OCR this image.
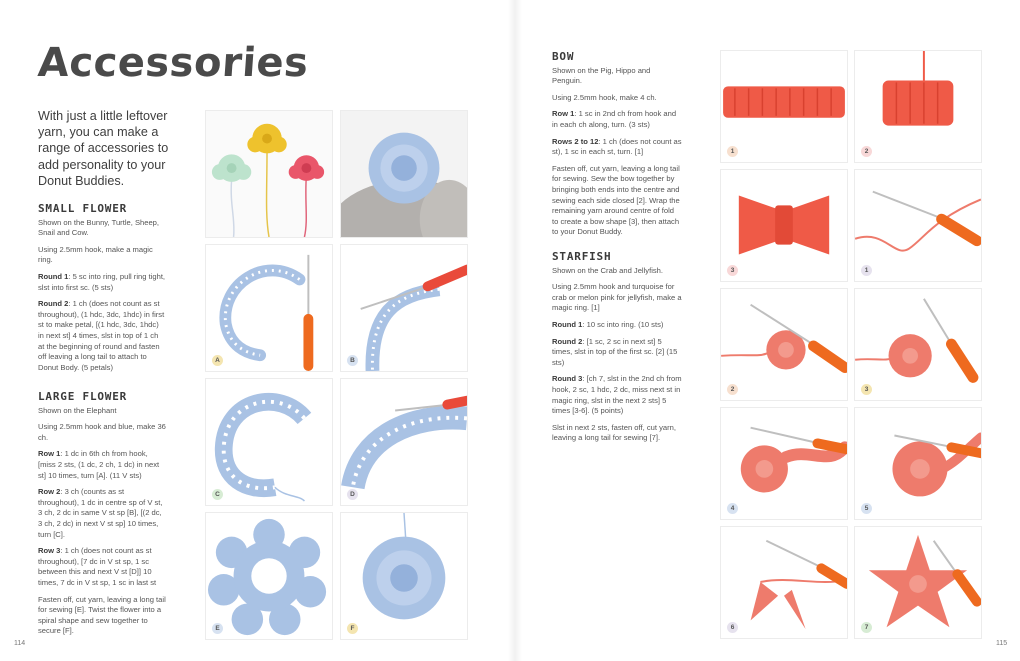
Accessories
With just a little leftover yarn, you can make a range of accessories to add personality to your Donut Buddies.
SMALL FLOWER

Shown on the Bunny, Turtle, Sheep, Snail and Cow.

Using 2.5mm hook, make a magic ring.

Round 1: 5 sc into ring, pull ring tight, slst into first sc. (5 sts)

Round 2: 1 ch (does not count as st throughout), (1 hdc, 3dc, 1hdc) in first st to make petal, [(1 hdc, 3dc, 1hdc) in next st] 4 times, slst in top of 1 ch at the beginning of round and fasten off leaving a long tail to attach to Donut Body. (5 petals)

LARGE FLOWER

Shown on the Elephant

Using 2.5mm hook and blue, make 36 ch.

Row 1: 1 dc in 6th ch from hook, [miss 2 sts, (1 dc, 2 ch, 1 dc) in next st] 10 times, turn [A]. (11 V sts)

Row 2: 3 ch (counts as st throughout), 1 dc in centre sp of V st, 3 ch, 2 dc in same V st sp [B], [(2 dc, 3 ch, 2 dc) in next V st sp] 10 times, turn [C].

Row 3: 1 ch (does not count as st throughout), [7 dc in V st sp, 1 sc between this and next V st [D]] 10 times, 7 dc in V st sp, 1 sc in last st

Fasten off, cut yarn, leaving a long tail for sewing [E]. Twist the flower into a spiral shape and sew together to secure [F].

114
A	B
C	D
E	F
BOW

Shown on the Pig, Hippo and Penguin.

Using 2.5mm hook, make 4 ch.

Row 1: 1 sc in 2nd ch from hook and in each ch along, turn. (3 sts)

Rows 2 to 12: 1 ch (does not count as st), 1 sc in each st, turn. [1]

Fasten off, cut yarn, leaving a long tail for sewing. Sew the bow together by bringing both ends into the centre and sewing each side closed [2]. Wrap the remaining yarn around centre of fold to create a bow shape [3], then attach to your Donut Buddy.

STARFISH

Shown on the Crab and Jellyfish.

Using 2.5mm hook and turquoise for crab or melon pink for jellyfish, make a magic ring. [1]

Round 1: 10 sc into ring. (10 sts)

Round 2: [1 sc, 2 sc in next st] 5 times, slst in top of the first sc. [2] (15 sts)

Round 3: [ch 7, slst in the 2nd ch from hook, 2 sc, 1 hdc, 2 dc, miss next st in magic ring, slst in the next 2 sts] 5 times [3-6]. (5 points)

Slst in next 2 sts, fasten off, cut yarn, leaving a long tail for sewing [7].

115
1	2
3	1
2	3
4	5
6	7
